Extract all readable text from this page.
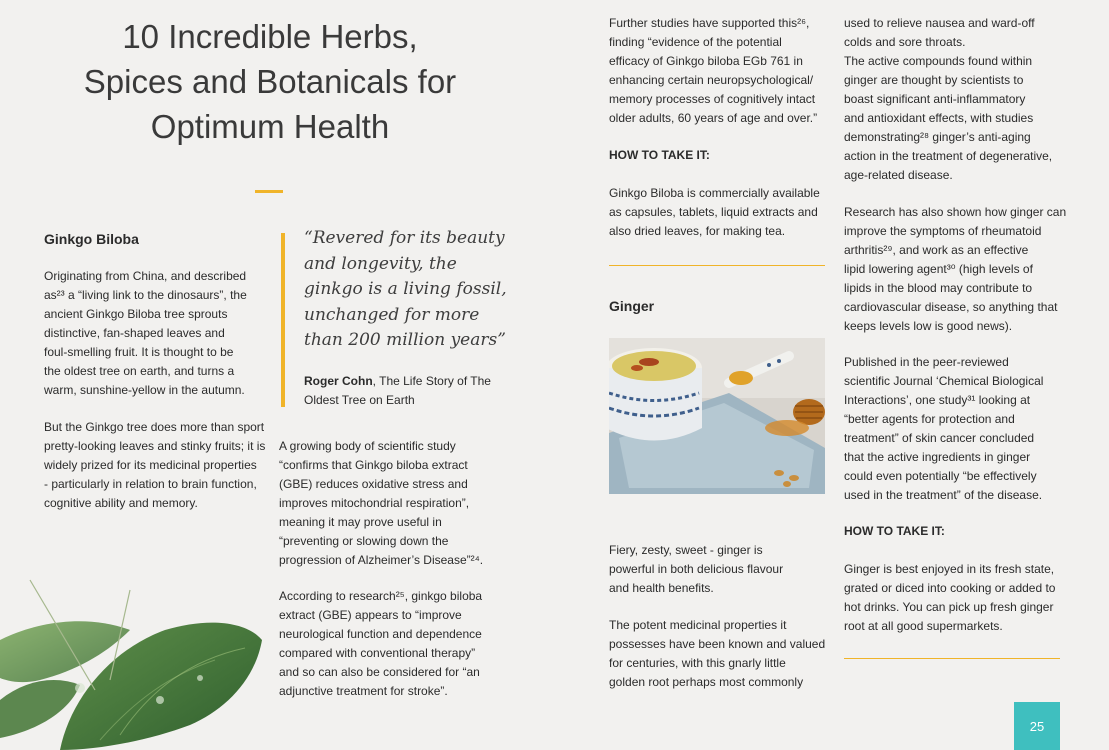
10 Incredible Herbs,
Spices and Botanicals for
Optimum Health
Ginkgo Biloba
Originating from China, and described
as²³ a “living link to the dinosaurs”, the
ancient Ginkgo Biloba tree sprouts
distinctive, fan-shaped leaves and
foul-smelling fruit. It is thought to be
the oldest tree on earth, and turns a
warm, sunshine-yellow in the autumn.
But the Ginkgo tree does more than sport
pretty-looking leaves and stinky fruits; it is
widely prized for its medicinal properties
- particularly in relation to brain function,
cognitive ability and memory.
“Revered for its beauty
and longevity, the
ginkgo is a living fossil,
unchanged for more
than 200 million years”
Roger Cohn, The Life Story of The
Oldest Tree on Earth
A growing body of scientific study
“confirms that Ginkgo biloba extract
(GBE) reduces oxidative stress and
improves mitochondrial respiration”,
meaning it may prove useful in
“preventing or slowing down the
progression of Alzheimer’s Disease”²⁴.
According to research²⁵, ginkgo biloba
extract (GBE) appears to “improve
neurological function and dependence
compared with conventional therapy”
and so can also be considered for “an
adjunctive treatment for stroke”.
Further studies have supported this²⁶,
finding “evidence of the potential
efficacy of Ginkgo biloba EGb 761 in
enhancing certain neuropsychological/
memory processes of cognitively intact
older adults, 60 years of age and over.”
HOW TO TAKE IT:
Ginkgo Biloba is commercially available
as capsules, tablets, liquid extracts and
also dried leaves, for making tea.
Ginger
Fiery, zesty, sweet - ginger is
powerful in both delicious flavour
and health benefits.
The potent medicinal properties it
possesses have been known and valued
for centuries, with this gnarly little
golden root perhaps most commonly
used to relieve nausea and ward-off
colds and sore throats.
The active compounds found within
ginger are thought by scientists to
boast significant anti-inflammatory
and antioxidant effects, with studies
demonstrating²⁸ ginger’s anti-aging
action in the treatment of degenerative,
age-related disease.
Research has also shown how ginger can
improve the symptoms of rheumatoid
arthritis²⁹, and work as an effective
lipid lowering agent³⁰ (high levels of
lipids in the blood may contribute to
cardiovascular disease, so anything that
keeps levels low is good news).
Published in the peer-reviewed
scientific Journal ‘Chemical Biological
Interactions’, one study³¹ looking at
“better agents for protection and
treatment” of skin cancer concluded
that the active ingredients in ginger
could even potentially “be effectively
used in the treatment” of the disease.
HOW TO TAKE IT:
Ginger is best enjoyed in its fresh state,
grated or diced into cooking or added to
hot drinks. You can pick up fresh ginger
root at all good supermarkets.
25
